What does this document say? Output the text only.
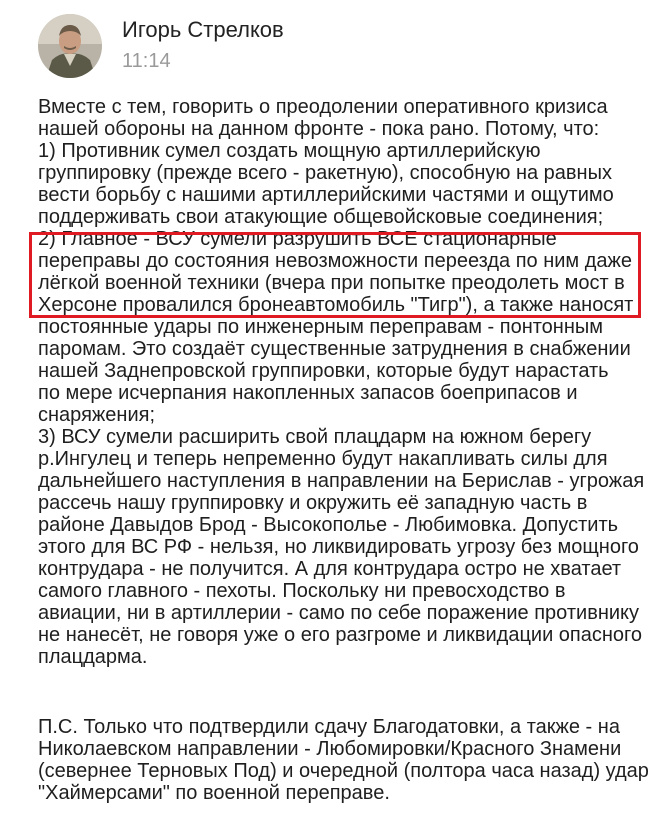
Игорь Стрелков
11:14
Вместе с тем, говорить о преодолении оперативного кризиса
нашей обороны на данном фронте - пока рано. Потому, что:
1) Противник сумел создать мощную артиллерийскую
группировку (прежде всего - ракетную), способную на равных
вести борьбу с нашими артиллерийскими частями и ощутимо
поддерживать свои атакующие общевойсковые соединения;
2) Главное - ВСУ сумели разрушить ВСЕ стационарные
переправы до состояния невозможности переезда по ним даже
лёгкой военной техники (вчера при попытке преодолеть мост в
Херсоне провалился бронеавтомобиль "Тигр"), а также наносят
постоянные удары по инженерным переправам - понтонным
паромам. Это создаёт существенные затруднения в снабжении
нашей Заднепровской группировки, которые будут нарастать
по мере исчерпания накопленных запасов боеприпасов и
снаряжения;
3) ВСУ сумели расширить свой плацдарм на южном берегу
р.Ингулец и теперь непременно будут накапливать силы для
дальнейшего наступления в направлении на Берислав - угрожая
рассечь нашу группировку и окружить её западную часть в
районе Давыдов Брод - Высокополье - Любимовка. Допустить
этого для ВС РФ - нельзя, но ликвидировать угрозу без мощного
контрудара - не получится. А для контрудара остро не хватает
самого главного - пехоты. Поскольку ни превосходство в
авиации, ни в артиллерии - само по себе поражение противнику
не нанесёт, не говоря уже о его разгроме и ликвидации опасного
плацдарма.
П.С. Только что подтвердили сдачу Благодатовки, а также - на
Николаевском направлении - Любомировки/Красного Знамени
(севернее Терновых Под) и очередной (полтора часа назад) удар
"Хаймерсами" по военной переправе.
